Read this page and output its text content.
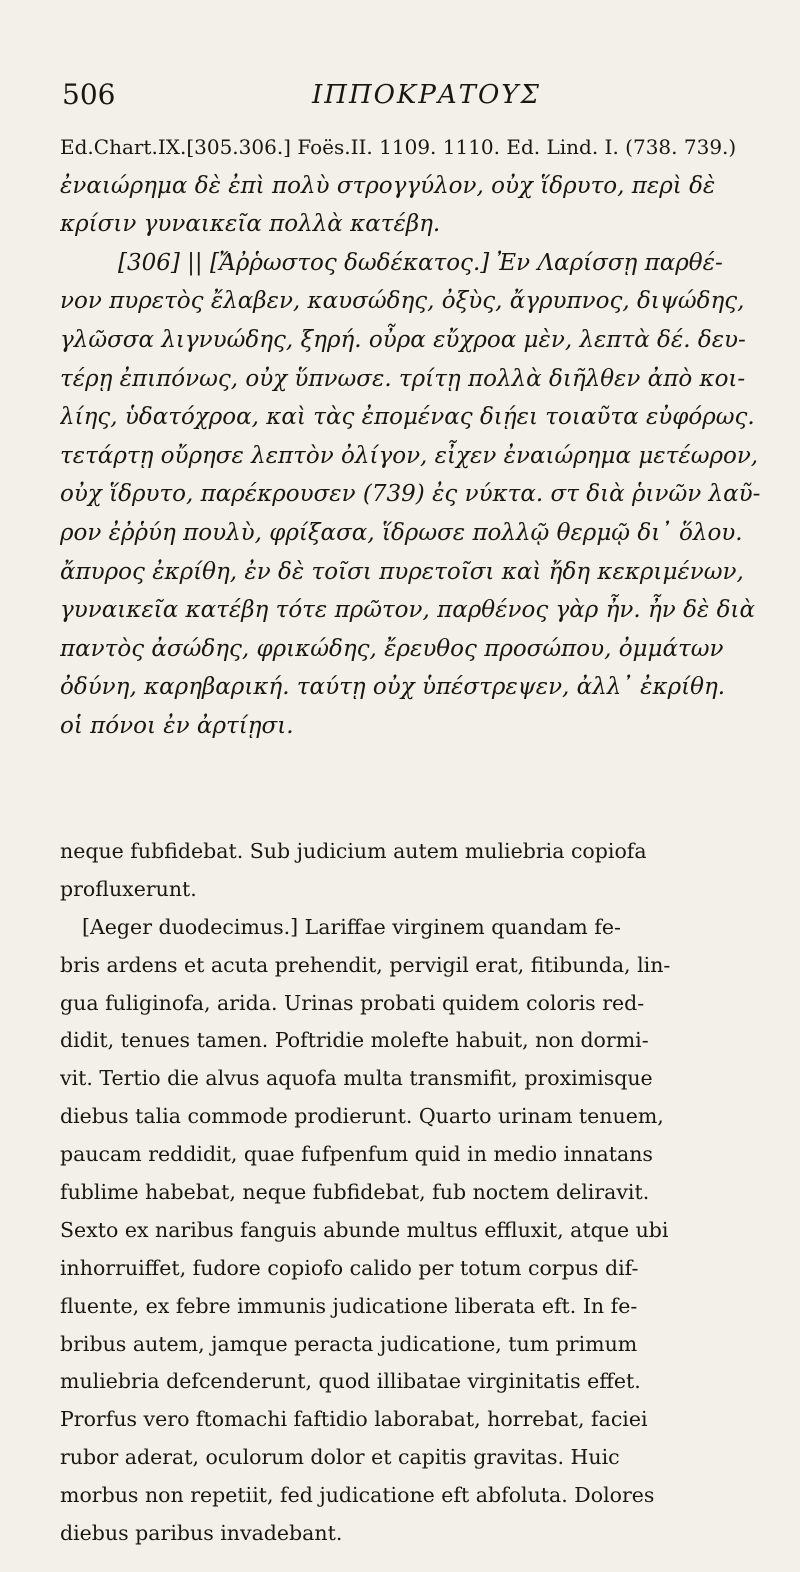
506	ΙΠΠΟΚΡΑΤΟΥΣ
Ed.Chart.IX.[305.306.] Foës.II. 1109. 1110. Ed. Lind. I. (738. 739.)
ἐναιώρημα δὲ ἐπὶ πολὺ στρογγύλον, οὐχ ἵδρυτο, περὶ δὲ
κρίσιν γυναικεῖα πολλὰ κατέβη.
[306] || [Ἄῤῥωστος δωδέκατος.] Ἐν Λαρίσσῃ παρθέ-
νον πυρετὸς ἔλαβεν, καυσώδης, ὀξὺς, ἄγρυπνος, διψώδης,
γλῶσσα λιγνυώδης, ξηρή. οὖρα εὔχροα μὲν, λεπτὰ δέ. δευ-
τέρῃ ἐπιπόνως, οὐχ ὕπνωσε. τρίτῃ πολλὰ διῆλθεν ἀπὸ κοι-
λίης, ὑδατόχροα, καὶ τὰς ἐπομένας διῄει τοιαῦτα εὐφόρως.
τετάρτῃ οὔρησε λεπτὸν ὀλίγον, εἶχεν ἐναιώρημα μετέωρον,
οὐχ ἵδρυτο, παρέκρουσεν (739) ἐς νύκτα. στ διὰ ῥινῶν λαῦ-
ρον ἐῤῥύη πουλὺ, φρίξασα, ἵδρωσε πολλῷ θερμῷ δι᾽ ὅλου.
ἄπυρος ἐκρίθη, ἐν δὲ τοῖσι πυρετοῖσι καὶ ἤδη κεκριμένων,
γυναικεῖα κατέβη τότε πρῶτον, παρθένος γὰρ ἦν. ἦν δὲ διὰ
παντὸς ἀσώδης, φρικώδης, ἔρευθος προσώπου, ὀμμάτων
ὀδύνη, καρηβαρική. ταύτῃ οὐχ ὑπέστρεψεν, ἀλλ᾽ ἐκρίθη.
οἱ πόνοι ἐν ἀρτίῃσι.
neque fubfidebat. Sub judicium autem muliebria copiofa
profluxerunt.
[Aeger duodecimus.] Lariffae virginem quandam fe-
bris ardens et acuta prehendit, pervigil erat, fitibunda, lin-
gua fuliginofa, arida. Urinas probati quidem coloris red-
didit, tenues tamen. Poftridie molefte habuit, non dormi-
vit. Tertio die alvus aquofa multa transmifit, proximisque
diebus talia commode prodierunt. Quarto urinam tenuem,
paucam reddidit, quae fufpenfum quid in medio innatans
fublime habebat, neque fubfidebat, fub noctem deliravit.
Sexto ex naribus fanguis abunde multus effluxit, atque ubi
inhorruiffet, fudore copiofo calido per totum corpus dif-
fluente, ex febre immunis judicatione liberata eft. In fe-
bribus autem, jamque peracta judicatione, tum primum
muliebria defcenderunt, quod illibatae virginitatis effet.
Prorfus vero ftomachi faftidio laborabat, horrebat, faciei
rubor aderat, oculorum dolor et capitis gravitas. Huic
morbus non repetiit, fed judicatione eft abfoluta. Dolores
diebus paribus invadebant.
